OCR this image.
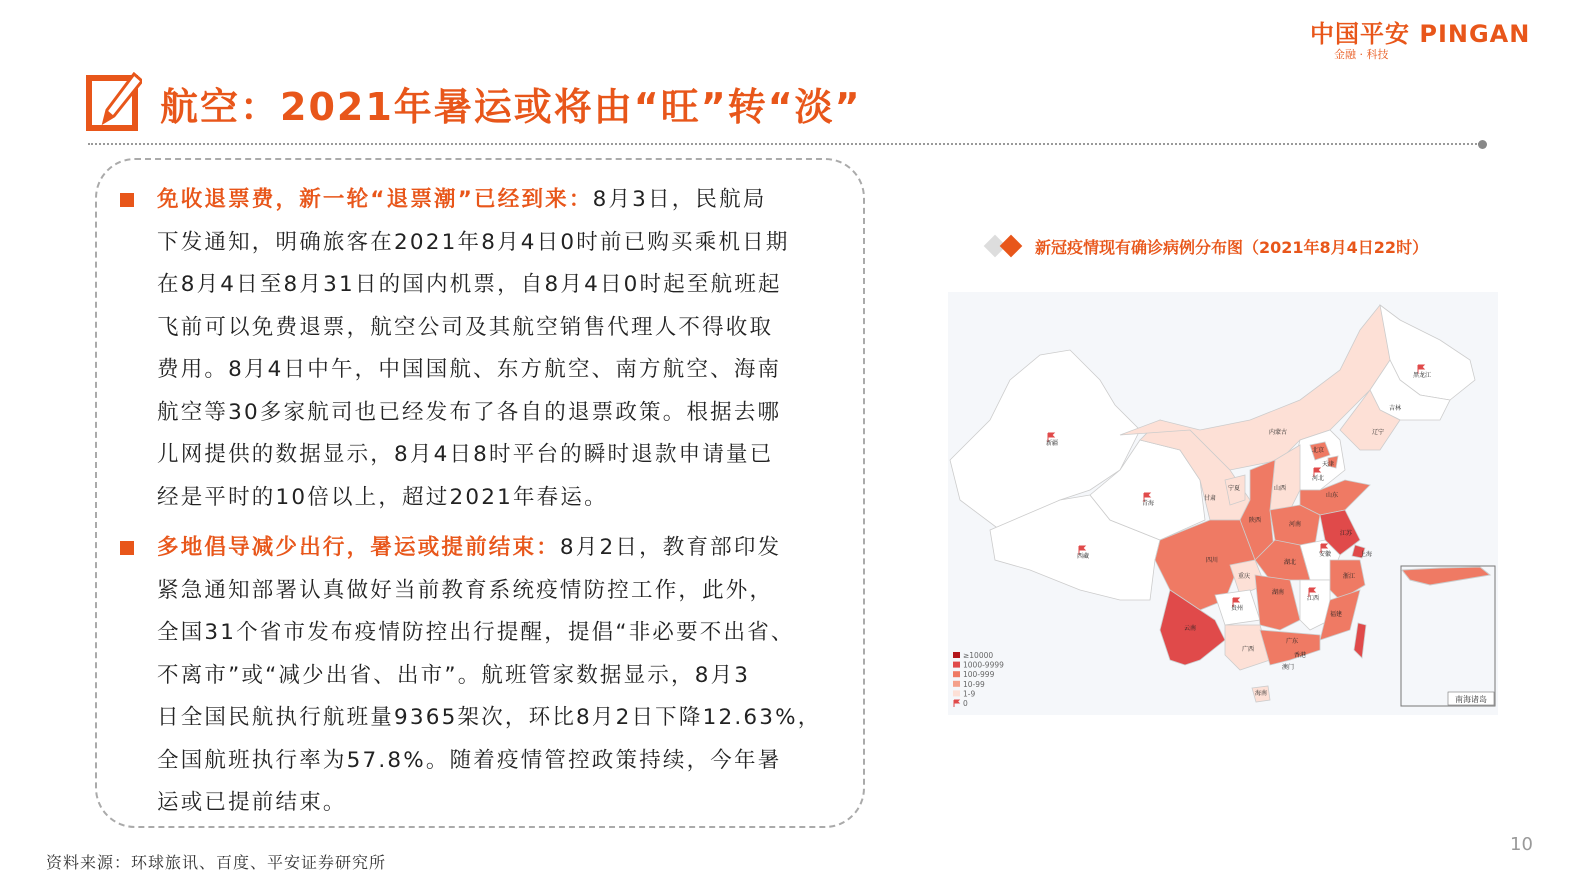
中国平安 PINGAN
金融 · 科技
航空：2021年暑运或将由“旺”转“淡”
免收退票费，新一轮“退票潮”已经到来：8月3日，民航局
下发通知，明确旅客在2021年8月4日0时前已购买乘机日期
在8月4日至8月31日的国内机票，自8月4日0时起至航班起
飞前可以免费退票，航空公司及其航空销售代理人不得收取
费用。8月4日中午，中国国航、东方航空、南方航空、海南
航空等30多家航司也已经发布了各自的退票政策。根据去哪
儿网提供的数据显示，8月4日8时平台的瞬时退款申请量已
经是平时的10倍以上，超过2021年春运。
多地倡导减少出行，暑运或提前结束：8月2日，教育部印发
紧急通知部署认真做好当前教育系统疫情防控工作，此外，
全国31个省市发布疫情防控出行提醒，提倡“非必要不出省、
不离市”或“减少出省、出市”。航班管家数据显示，8月3
日全国民航执行航班量9365架次，环比8月2日下降12.63%，
全国航班执行率为57.8%。随着疫情管控政策持续，今年暑
运或已提前结束。
新冠疫情现有确诊病例分布图（2021年8月4日22时）
新疆
西藏
青海
甘肃
内蒙古
黑龙江
吉林
辽宁
河北
北京
天津
山西
宁夏
陕西
山东
河南
江苏
上海
安徽
湖北
四川
重庆
云南
贵州
湖南
江西
浙江
福建
广西
广东
海南
香港
澳门
南海诸岛
≥10000
1000-9999
100-999
10-99
1-9
0
资料来源：环球旅讯、百度、平安证券研究所
10
